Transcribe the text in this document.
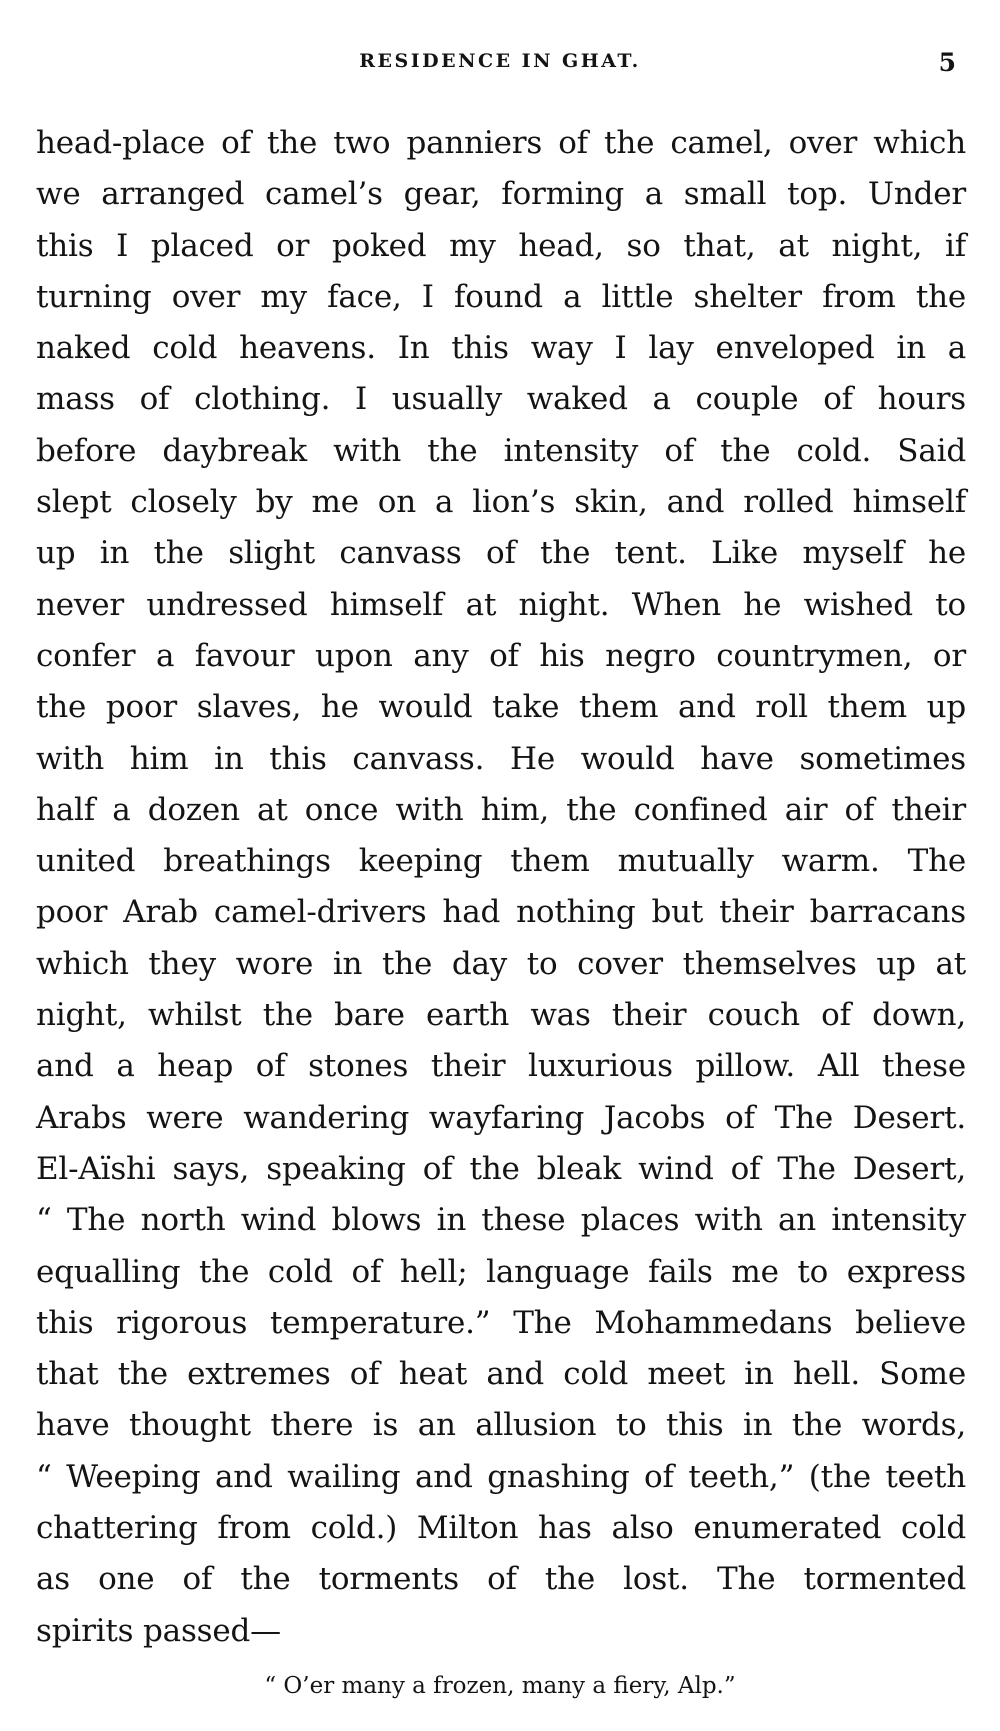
RESIDENCE IN GHAT.	5
head-place of the two panniers of the camel, over which
we arranged camel’s gear, forming a small top. Under
this I placed or poked my head, so that, at night, if
turning over my face, I found a little shelter from the
naked cold heavens. In this way I lay enveloped in a
mass of clothing. I usually waked a couple of hours
before daybreak with the intensity of the cold. Said
slept closely by me on a lion’s skin, and rolled himself
up in the slight canvass of the tent. Like myself he
never undressed himself at night. When he wished to
confer a favour upon any of his negro countrymen, or
the poor slaves, he would take them and roll them up
with him in this canvass. He would have sometimes
half a dozen at once with him, the confined air of their
united breathings keeping them mutually warm. The
poor Arab camel-drivers had nothing but their barracans
which they wore in the day to cover themselves up at
night, whilst the bare earth was their couch of down,
and a heap of stones their luxurious pillow. All these
Arabs were wandering wayfaring Jacobs of The Desert.
El-Aïshi says, speaking of the bleak wind of The Desert,
“ The north wind blows in these places with an intensity
equalling the cold of hell; language fails me to express
this rigorous temperature.” The Mohammedans believe
that the extremes of heat and cold meet in hell. Some
have thought there is an allusion to this in the words,
“ Weeping and wailing and gnashing of teeth,” (the teeth
chattering from cold.) Milton has also enumerated cold
as one of the torments of the lost. The tormented
spirits passed—
“ O’er many a frozen, many a fiery, Alp.”
